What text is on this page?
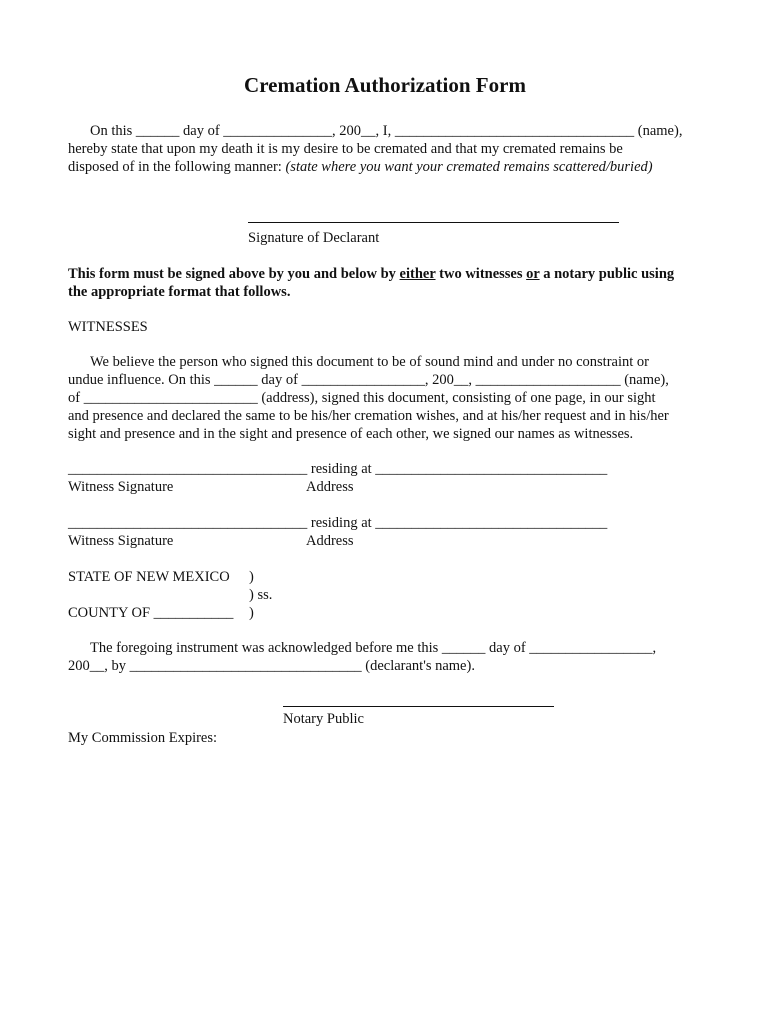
Cremation Authorization Form
On this ______ day of _______________, 200__, I, _________________________________ (name),
hereby state that upon my death it is my desire to be cremated and that my cremated remains be
disposed of in the following manner: (state where you want your cremated remains scattered/buried)
Signature of Declarant
This form must be signed above by you and below by either two witnesses or a notary public using
the appropriate format that follows.
WITNESSES
We believe the person who signed this document to be of sound mind and under no constraint or
undue influence. On this ______ day of _________________, 200__, ____________________ (name),
of ________________________ (address), signed this document, consisting of one page, in our sight
and presence and declared the same to be his/her cremation wishes, and at his/her request and in his/her
sight and presence and in the sight and presence of each other, we signed our names as witnesses.
_________________________________ residing at ________________________________
Witness Signature	Address
_________________________________ residing at ________________________________
Witness Signature	Address
STATE OF NEW MEXICO )
) ss.
COUNTY OF ___________ )
The foregoing instrument was acknowledged before me this ______ day of _________________,
200__, by ________________________________ (declarant's name).
Notary Public
My Commission Expires:
